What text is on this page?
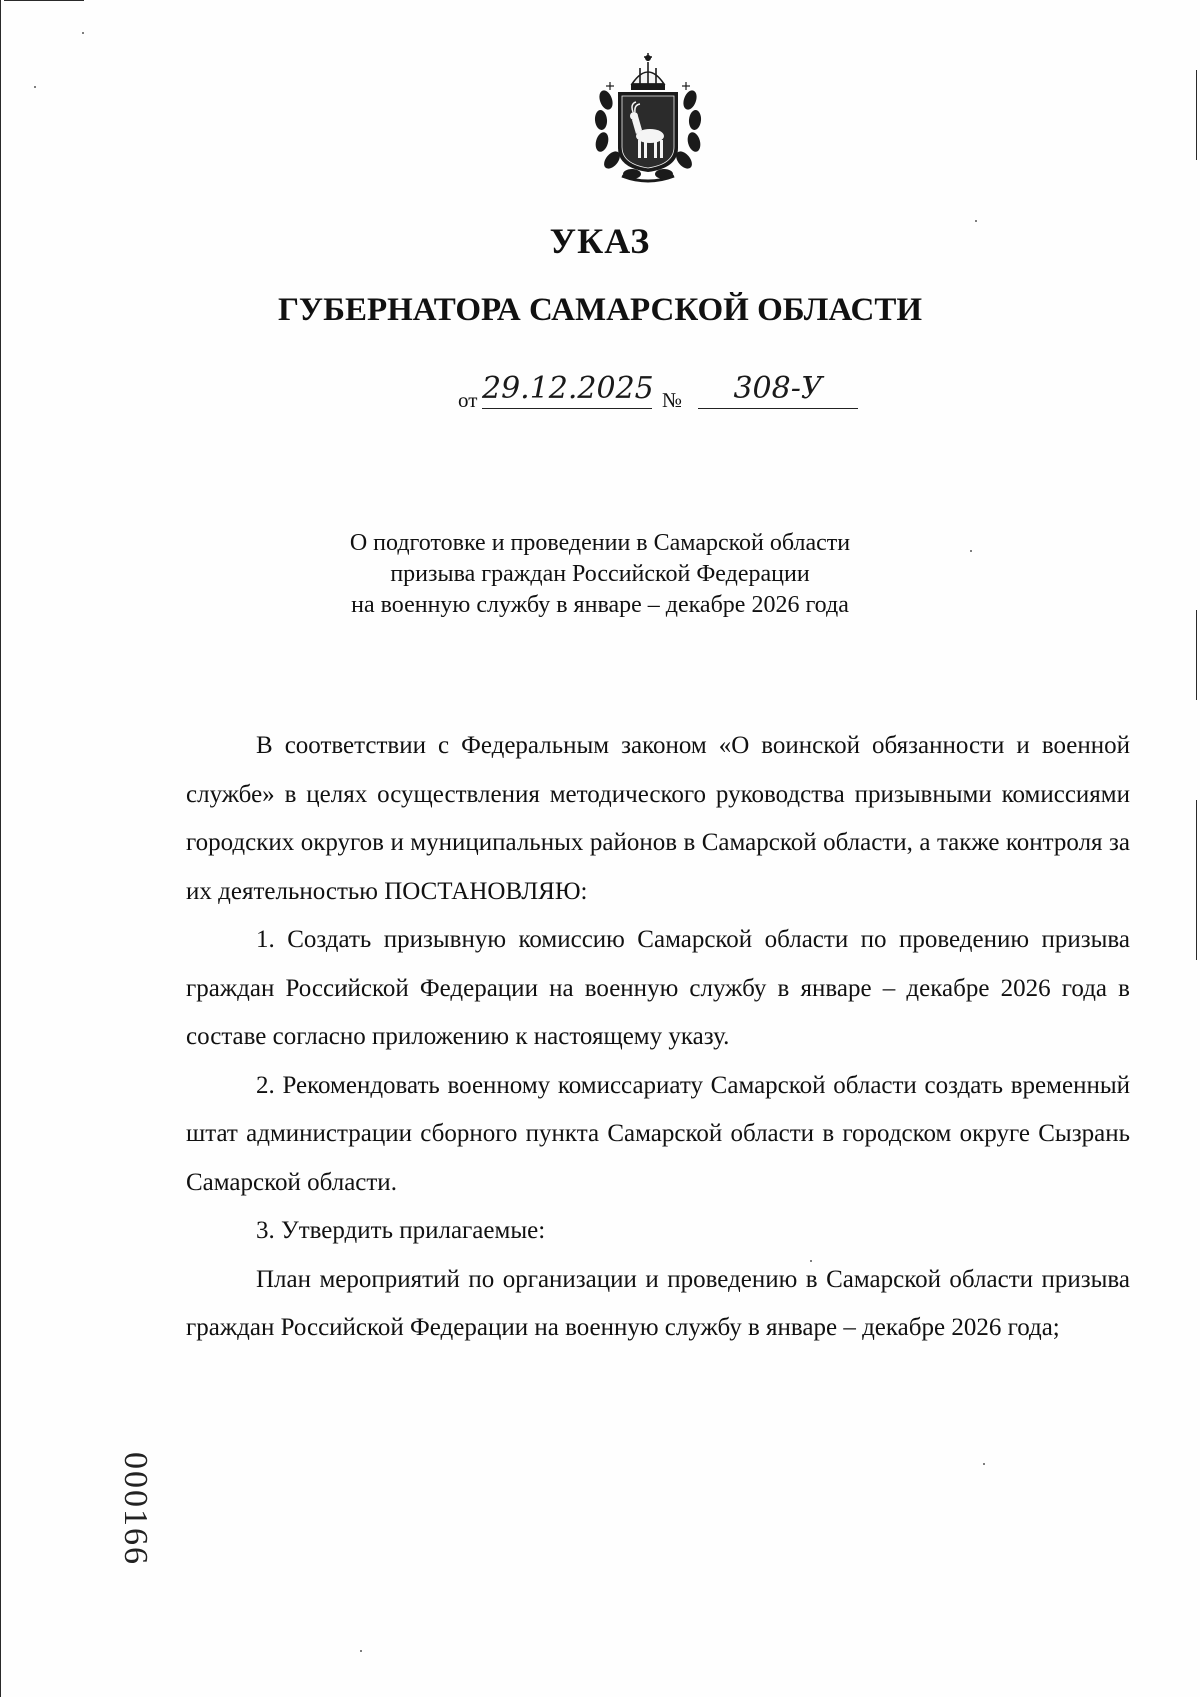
УКАЗ
ГУБЕРНАТОРА САМАРСКОЙ ОБЛАСТИ
от 29.12.2025 №	308-У
О подготовке и проведении в Самарской области
призыва граждан Российской Федерации
на военную службу в январе – декабре 2026 года

В соответствии с Федеральным законом «О воинской обязанности и военной службе» в целях осуществления методического руководства призывными комиссиями городских округов и муниципальных районов в Самарской области, а также контроля за их деятельностью ПОСТАНОВЛЯЮ:

1. Создать призывную комиссию Самарской области по проведению призыва граждан Российской Федерации на военную службу в январе – декабре 2026 года в составе согласно приложению к настоящему указу.

2. Рекомендовать военному комиссариату Самарской области создать временный штат администрации сборного пункта Самарской области в городском округе Сызрань Самарской области.

3. Утвердить прилагаемые:

План мероприятий по организации и проведению в Самарской области призыва граждан Российской Федерации на военную службу в январе – декабре 2026 года;

000166
